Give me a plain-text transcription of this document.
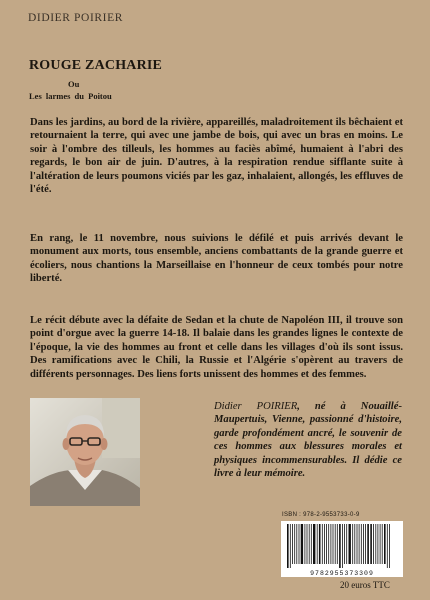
DIDIER POIRIER
ROUGE ZACHARIE
Ou
Les larmes du Poitou

Dans les jardins, au bord de la rivière, appareillés, maladroitement ils bêchaient et retournaient la terre, qui avec une jambe de bois, qui avec un bras en moins. Le soir à l'ombre des tilleuls, les hommes au faciès abîmé, humaient à l'abri des regards, le bon air de juin. D'autres, à la respiration rendue sifflante suite à l'altération de leurs poumons viciés par les gaz, inhalaient, allongés, les effluves de l'été.

En rang, le 11 novembre, nous suivions le défilé et puis arrivés devant le monument aux morts, tous ensemble, anciens combattants de la grande guerre et écoliers, nous chantions la Marseillaise en l'honneur de ceux tombés pour notre liberté.

Le récit débute avec la défaite de Sedan et la chute de Napoléon III, il trouve son point d'orgue avec la guerre 14-18. Il balaie dans les grandes lignes le contexte de l'époque, la vie des hommes au front et celle dans les villages d'où ils sont issus. Des ramifications avec le Chili, la Russie et l'Algérie s'opèrent au travers de différents personnages. Des liens forts unissent des hommes et des femmes.

Didier POIRIER, né à Nouaillé-Maupertuis, Vienne, passionné d'histoire, garde profondément ancré, le souvenir de ces hommes aux blessures morales et physiques incommensurables. Il dédie ce livre à leur mémoire.

ISBN : 978-2-9553733-0-9
9782955373309
20 euros TTC
